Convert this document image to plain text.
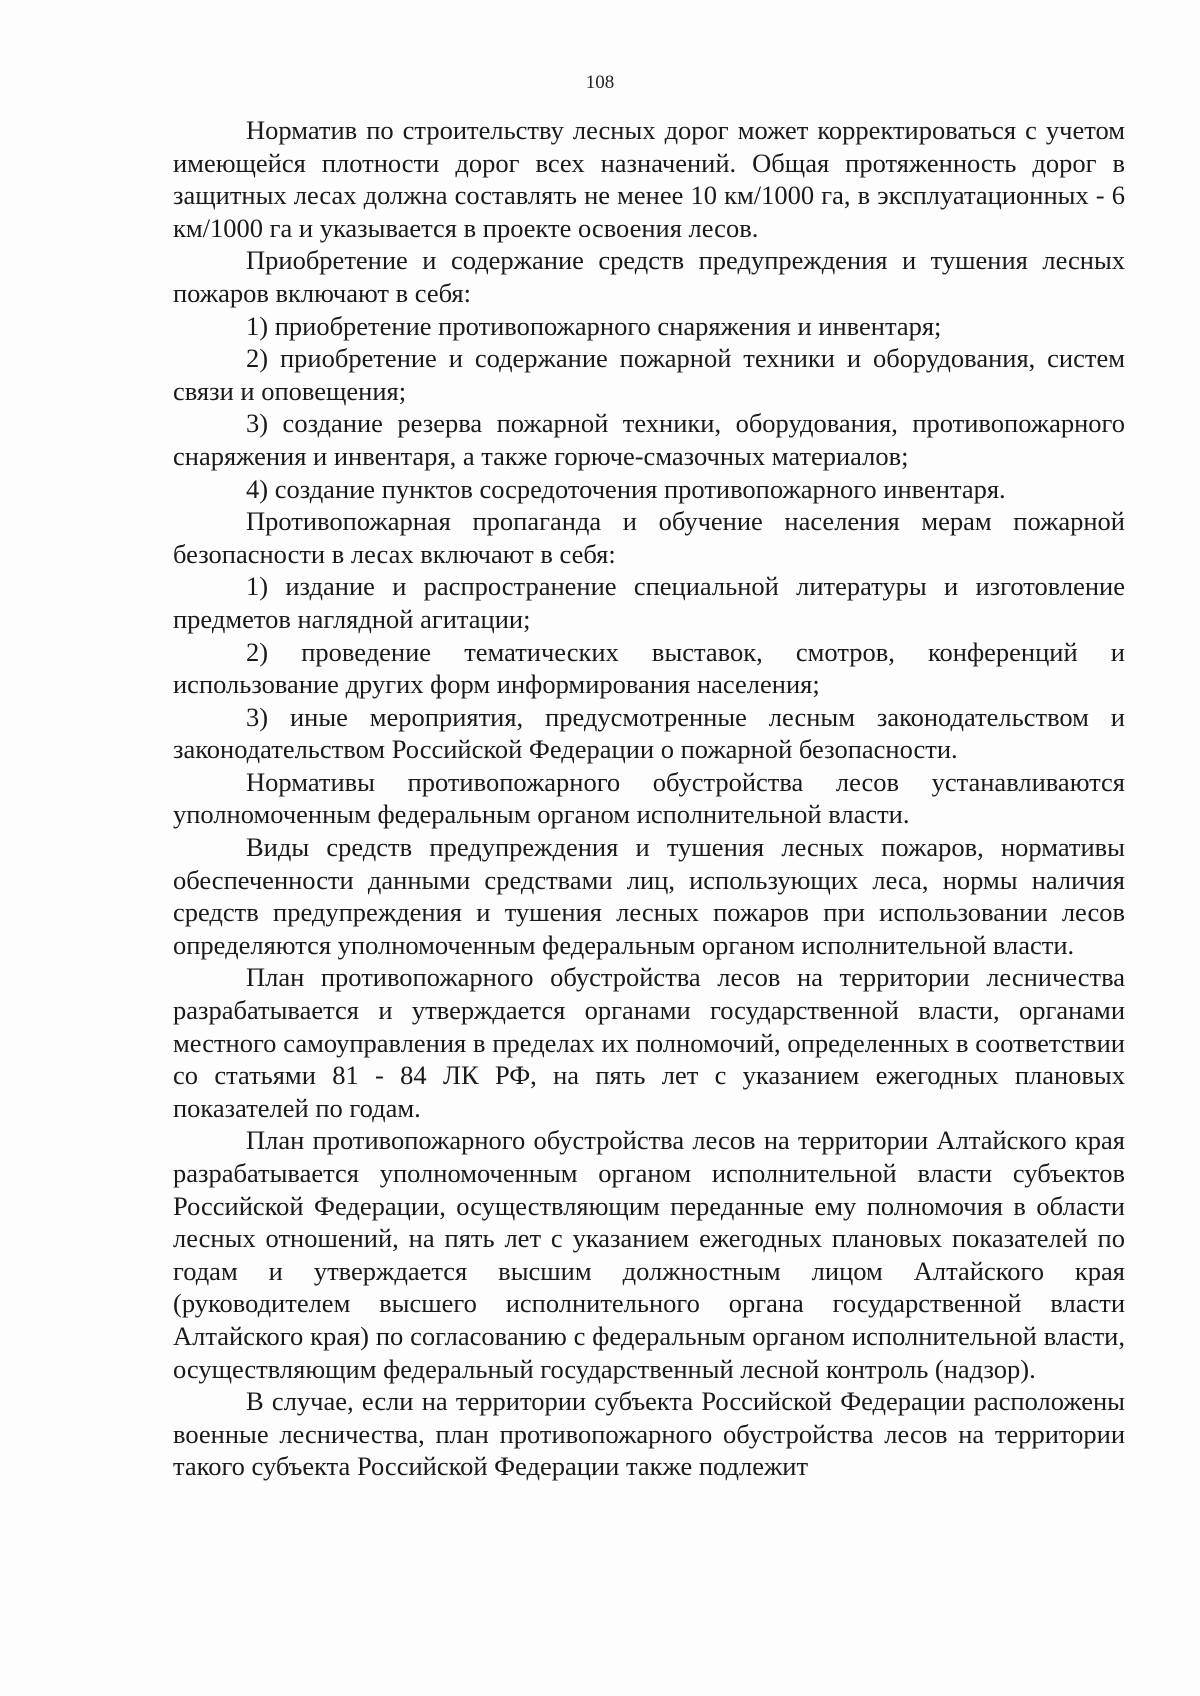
108

Норматив по строительству лесных дорог может корректироваться с учетом имеющейся плотности дорог всех назначений. Общая протяженность дорог в защитных лесах должна составлять не менее 10 км/1000 га, в эксплуатационных - 6 км/1000 га и указывается в проекте освоения лесов.

Приобретение и содержание средств предупреждения и тушения лесных пожаров включают в себя:

1) приобретение противопожарного снаряжения и инвентаря;

2) приобретение и содержание пожарной техники и оборудования, систем связи и оповещения;

3) создание резерва пожарной техники, оборудования, противопожарного снаряжения и инвентаря, а также горюче-смазочных материалов;

4) создание пунктов сосредоточения противопожарного инвентаря.

Противопожарная пропаганда и обучение населения мерам пожарной безопасности в лесах включают в себя:

1) издание и распространение специальной литературы и изготовление предметов наглядной агитации;

2) проведение тематических выставок, смотров, конференций и использование других форм информирования населения;

3) иные мероприятия, предусмотренные лесным законодательством и законодательством Российской Федерации о пожарной безопасности.

Нормативы противопожарного обустройства лесов устанавливаются уполномоченным федеральным органом исполнительной власти.

Виды средств предупреждения и тушения лесных пожаров, нормативы обеспеченности данными средствами лиц, использующих леса, нормы наличия средств предупреждения и тушения лесных пожаров при использовании лесов определяются уполномоченным федеральным органом исполнительной власти.

План противопожарного обустройства лесов на территории лесничества разрабатывается и утверждается органами государственной власти, органами местного самоуправления в пределах их полномочий, определенных в соответствии со статьями 81 - 84 ЛК РФ, на пять лет с указанием ежегодных плановых показателей по годам.

План противопожарного обустройства лесов на территории Алтайского края разрабатывается уполномоченным органом исполнительной власти субъектов Российской Федерации, осуществляющим переданные ему полномочия в области лесных отношений, на пять лет с указанием ежегодных плановых показателей по годам и утверждается высшим должностным лицом Алтайского края (руководителем высшего исполнительного органа государственной власти Алтайского края) по согласованию с федеральным органом исполнительной власти, осуществляющим федеральный государственный лесной контроль (надзор).

В случае, если на территории субъекта Российской Федерации расположены военные лесничества, план противопожарного обустройства лесов на территории такого субъекта Российской Федерации также подлежит
